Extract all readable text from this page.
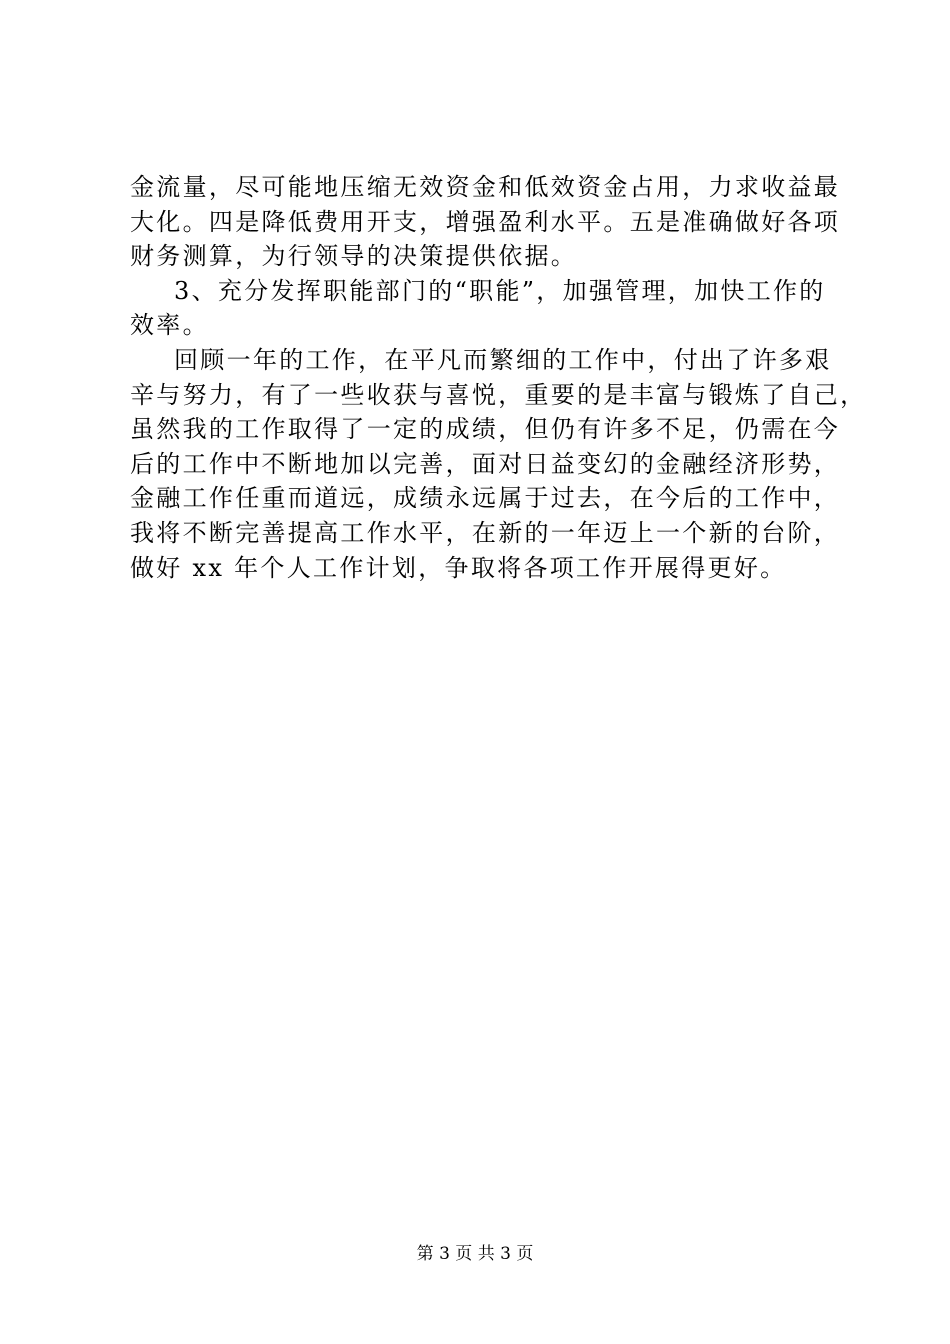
金流量，尽可能地压缩无效资金和低效资金占用，力求收益最
大化。四是降低费用开支，增强盈利水平。五是准确做好各项
财务测算，为行领导的决策提供依据。
3、充分发挥职能部门的“职能”，加强管理，加快工作的
效率。
回顾一年的工作，在平凡而繁细的工作中，付出了许多艰
辛与努力，有了一些收获与喜悦，重要的是丰富与锻炼了自己，
虽然我的工作取得了一定的成绩，但仍有许多不足，仍需在今
后的工作中不断地加以完善，面对日益变幻的金融经济形势，
金融工作任重而道远，成绩永远属于过去，在今后的工作中，
我将不断完善提高工作水平，在新的一年迈上一个新的台阶，
做好 xx 年个人工作计划，争取将各项工作开展得更好。
第 3 页 共 3 页
